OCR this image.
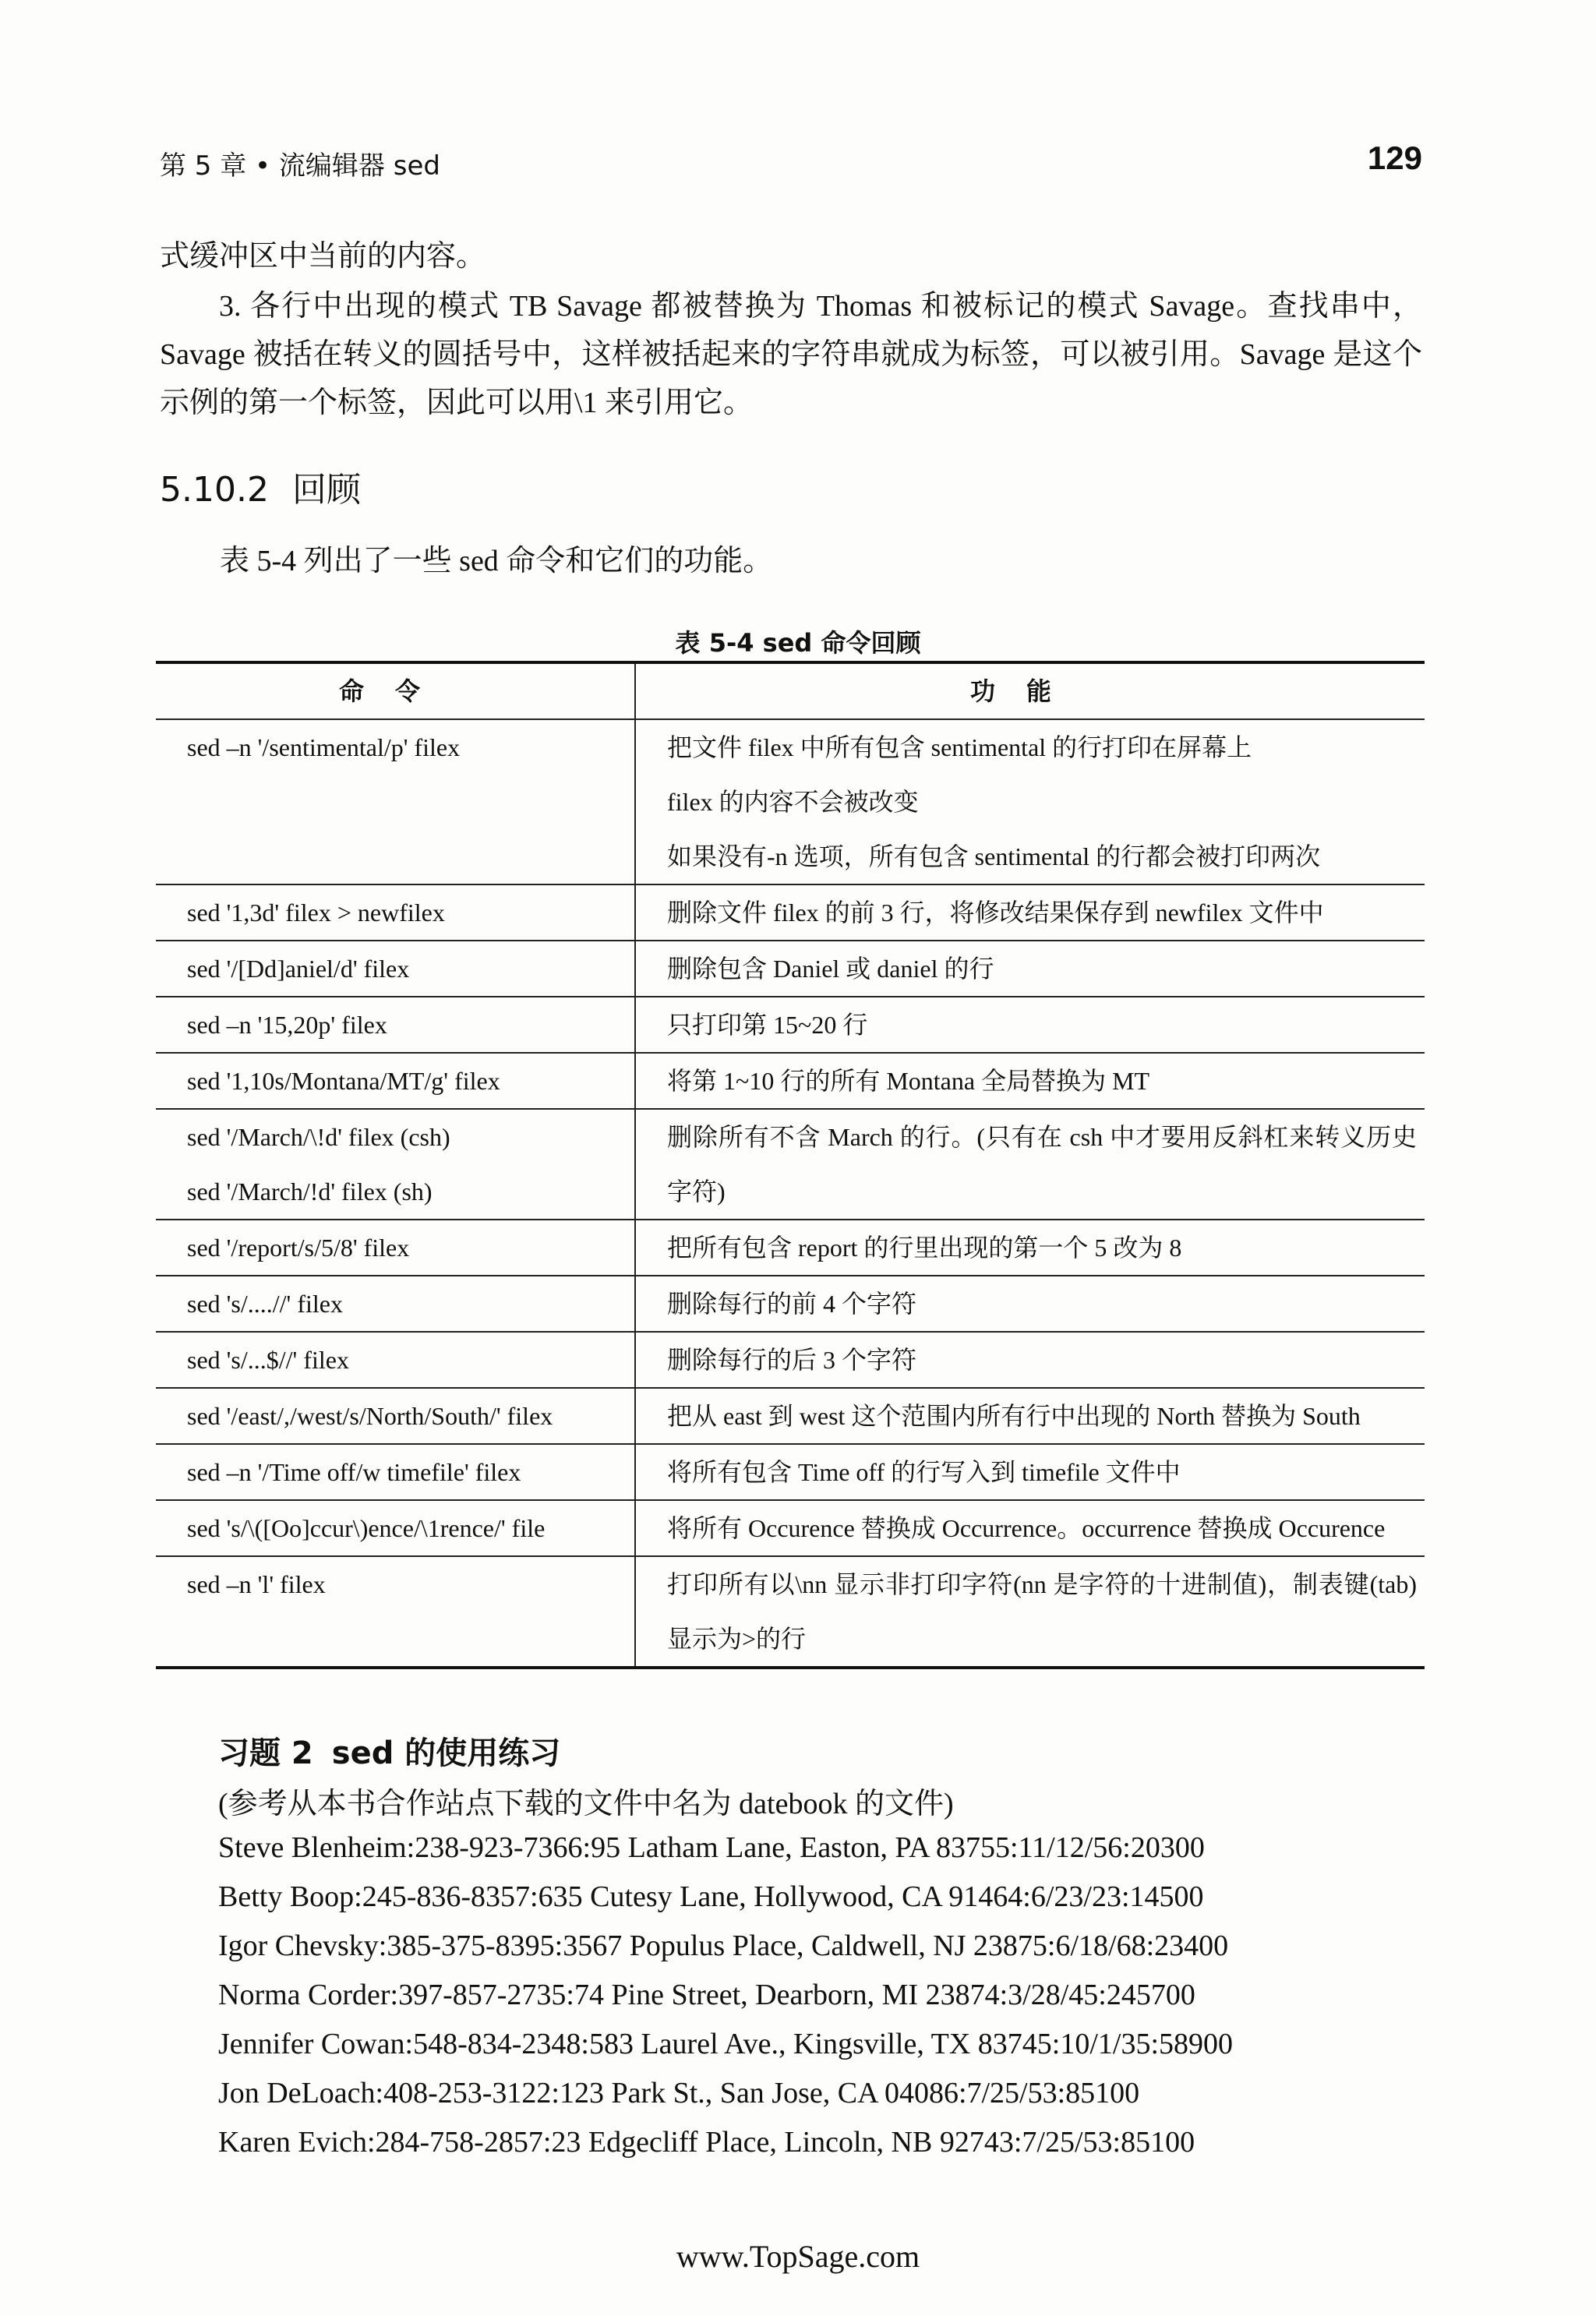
第 5 章 • 流编辑器 sed	129
式缓冲区中当前的内容。
3. 各行中出现的模式 TB Savage 都被替换为 Thomas 和被标记的模式 Savage。查找串中，Savage 被括在转义的圆括号中，这样被括起来的字符串就成为标签，可以被引用。Savage 是这个示例的第一个标签，因此可以用\1 来引用它。
5.10.2 回顾
表 5-4 列出了一些 sed 命令和它们的功能。
表 5-4 sed 命令回顾
命令	功能

sed –n '/sentimental/p' filex	把文件 filex 中所有包含 sentimental 的行打印在屏幕上
filex 的内容不会被改变
如果没有-n 选项，所有包含 sentimental 的行都会被打印两次

sed '1,3d' filex > newfilex	删除文件 filex 的前 3 行，将修改结果保存到 newfilex 文件中

sed '/[Dd]aniel/d' filex	删除包含 Daniel 或 daniel 的行

sed –n '15,20p' filex	只打印第 15~20 行

sed '1,10s/Montana/MT/g' filex	将第 1~10 行的所有 Montana 全局替换为 MT

sed '/March/\!d' filex (csh)
sed '/March/!d' filex (sh)	删除所有不含 March 的行。(只有在 csh 中才要用反斜杠来转义历史字符)

sed '/report/s/5/8' filex	把所有包含 report 的行里出现的第一个 5 改为 8

sed 's/....//' filex	删除每行的前 4 个字符

sed 's/...$//' filex	删除每行的后 3 个字符

sed '/east/,/west/s/North/South/' filex	把从 east 到 west 这个范围内所有行中出现的 North 替换为 South

sed –n '/Time off/w timefile' filex	将所有包含 Time off 的行写入到 timefile 文件中

sed 's/\([Oo]ccur\)ence/\1rence/' file	将所有 Occurence 替换成 Occurrence。occurrence 替换成 Occurence

sed –n 'l' filex	打印所有以\nn 显示非打印字符(nn 是字符的十进制值)，制表键(tab)显示为>的行
习题 2 sed 的使用练习
(参考从本书合作站点下载的文件中名为 datebook 的文件)
Steve Blenheim:238-923-7366:95 Latham Lane, Easton, PA 83755:11/12/56:20300
Betty Boop:245-836-8357:635 Cutesy Lane, Hollywood, CA 91464:6/23/23:14500
Igor Chevsky:385-375-8395:3567 Populus Place, Caldwell, NJ 23875:6/18/68:23400
Norma Corder:397-857-2735:74 Pine Street, Dearborn, MI 23874:3/28/45:245700
Jennifer Cowan:548-834-2348:583 Laurel Ave., Kingsville, TX 83745:10/1/35:58900
Jon DeLoach:408-253-3122:123 Park St., San Jose, CA 04086:7/25/53:85100
Karen Evich:284-758-2857:23 Edgecliff Place, Lincoln, NB 92743:7/25/53:85100
www.TopSage.com
